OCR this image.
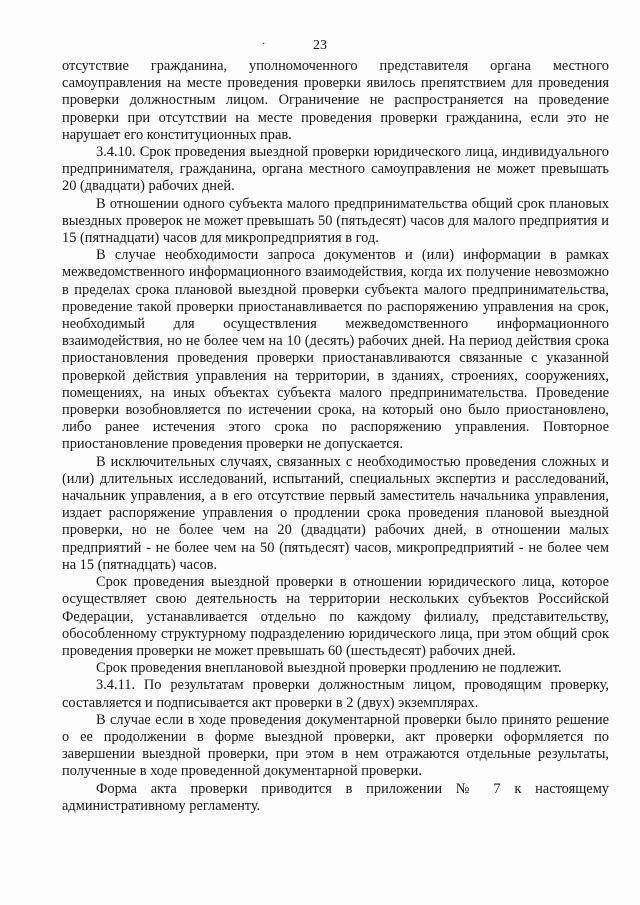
23
·

отсутствие гражданина, уполномоченного представителя органа местного самоуправления на месте проведения проверки явилось препятствием для проведения проверки должностным лицом. Ограничение не распространяется на проведение проверки при отсутствии на месте проведения проверки гражданина, если это не нарушает его конституционных прав.

3.4.10. Срок проведения выездной проверки юридического лица, индивидуального предпринимателя, гражданина, органа местного самоуправления не может превышать 20 (двадцати) рабочих дней.

В отношении одного субъекта малого предпринимательства общий срок плановых выездных проверок не может превышать 50 (пятьдесят) часов для малого предприятия и 15 (пятнадцати) часов для микропредприятия в год.

В случае необходимости запроса документов и (или) информации в рамках межведомственного информационного взаимодействия, когда их получение невозможно в пределах срока плановой выездной проверки субъекта малого предпринимательства, проведение такой проверки приостанавливается по распоряжению управления на срок, необходимый для осуществления межведомственного информационного взаимодействия, но не более чем на 10 (десять) рабочих дней. На период действия срока приостановления проведения проверки приостанавливаются связанные с указанной проверкой действия управления на территории, в зданиях, строениях, сооружениях, помещениях, на иных объектах субъекта малого предпринимательства. Проведение проверки возобновляется по истечении срока, на который оно было приостановлено, либо ранее истечения этого срока по распоряжению управления. Повторное приостановление проведения проверки не допускается.

В исключительных случаях, связанных с необходимостью проведения сложных и (или) длительных исследований, испытаний, специальных экспертиз и расследований, начальник управления, а в его отсутствие первый заместитель начальника управления, издает распоряжение управления о продлении срока проведения плановой выездной проверки, но не более чем на 20 (двадцати) рабочих дней, в отношении малых предприятий - не более чем на 50 (пятьдесят) часов, микропредприятий - не более чем на 15 (пятнадцать) часов.

Срок проведения выездной проверки в отношении юридического лица, которое осуществляет свою деятельность на территории нескольких субъектов Российской Федерации, устанавливается отдельно по каждому филиалу, представительству, обособленному структурному подразделению юридического лица, при этом общий срок проведения проверки не может превышать 60 (шестьдесят) рабочих дней.

Срок проведения внеплановой выездной проверки продлению не подлежит.

3.4.11. По результатам проверки должностным лицом, проводящим проверку, составляется и подписывается акт проверки в 2 (двух) экземплярах.

В случае если в ходе проведения документарной проверки было принято решение о ее продолжении в форме выездной проверки, акт проверки оформляется по завершении выездной проверки, при этом в нем отражаются отдельные результаты, полученные в ходе проведенной документарной проверки.

Форма акта проверки приводится в приложении № 7 к настоящему административному регламенту.
